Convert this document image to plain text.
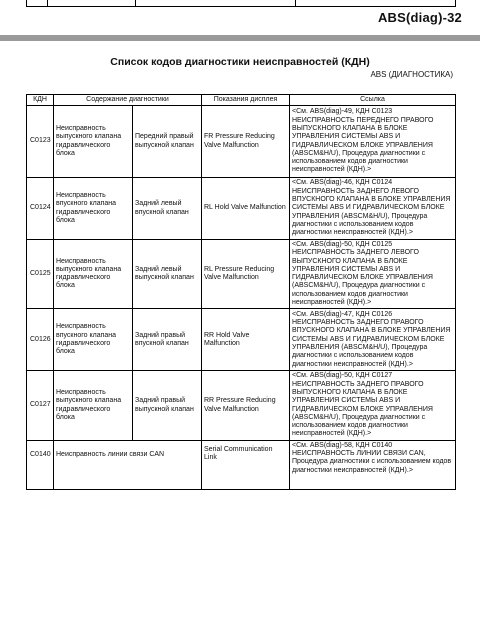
ABS(diag)-32
Список кодов диагностики неисправностей (КДН)
ABS (ДИАГНОСТИКА)
КДН	Содержание диагностики		Показания дисплея	Ссылка
C0123	Неисправность выпускного клапана гидравлического блока	Передний правый выпускной клапан	FR Pressure Reducing Valve Malfunction	<См. ABS(diag)-49, КДН C0123 НЕИСПРАВНОСТЬ ПЕРЕДНЕГО ПРАВОГО ВЫПУСКНОГО КЛАПАНА В БЛОКЕ УПРАВЛЕНИЯ СИСТЕМЫ ABS И ГИДРАВЛИЧЕСКОМ БЛОКЕ УПРАВЛЕНИЯ (ABSCM&H/U), Процедура диагностики с использованием кодов диагностики неисправностей (КДН).>
C0124	Неисправность впускного клапана гидравлического блока	Задний левый впускной клапан	RL Hold Valve Malfunction	<См. ABS(diag)-46, КДН C0124 НЕИСПРАВНОСТЬ ЗАДНЕГО ЛЕВОГО ВПУСКНОГО КЛАПАНА В БЛОКЕ УПРАВЛЕНИЯ СИСТЕМЫ ABS И ГИДРАВЛИЧЕСКОМ БЛОКЕ УПРАВЛЕНИЯ (ABSCM&H/U), Процедура диагностики с использованием кодов диагностики неисправностей (КДН).>
C0125	Неисправность выпускного клапана гидравлического блока	Задний левый выпускной клапан	RL Pressure Reducing Valve Malfunction	<См. ABS(diag)-50, КДН C0125 НЕИСПРАВНОСТЬ ЗАДНЕГО ЛЕВОГО ВЫПУСКНОГО КЛАПАНА В БЛОКЕ УПРАВЛЕНИЯ СИСТЕМЫ ABS И ГИДРАВЛИЧЕСКОМ БЛОКЕ УПРАВЛЕНИЯ (ABSCM&H/U), Процедура диагностики с использованием кодов диагностики неисправностей (КДН).>
C0126	Неисправность впускного клапана гидравлического блока	Задний правый впускной клапан	RR Hold Valve Malfunction	<См. ABS(diag)-47, КДН C0126 НЕИСПРАВНОСТЬ ЗАДНЕГО ПРАВОГО ВПУСКНОГО КЛАПАНА В БЛОКЕ УПРАВЛЕНИЯ СИСТЕМЫ ABS И ГИДРАВЛИЧЕСКОМ БЛОКЕ УПРАВЛЕНИЯ (ABSCM&H/U), Процедура диагностики с использованием кодов диагностики неисправностей (КДН).>
C0127	Неисправность выпускного клапана гидравлического блока	Задний правый выпускной клапан	RR Pressure Reducing Valve Malfunction	<См. ABS(diag)-50, КДН C0127 НЕИСПРАВНОСТЬ ЗАДНЕГО ПРАВОГО ВЫПУСКНОГО КЛАПАНА В БЛОКЕ УПРАВЛЕНИЯ СИСТЕМЫ ABS И ГИДРАВЛИЧЕСКОМ БЛОКЕ УПРАВЛЕНИЯ (ABSCM&H/U), Процедура диагностики с использованием кодов диагностики неисправностей (КДН).>
C0140	Неисправность линии связи CAN		Serial Communication Link	<См. ABS(diag)-58, КДН C0140 НЕИСПРАВНОСТЬ ЛИНИИ СВЯЗИ CAN, Процедура диагностики с использованием кодов диагностики неисправностей (КДН).>
